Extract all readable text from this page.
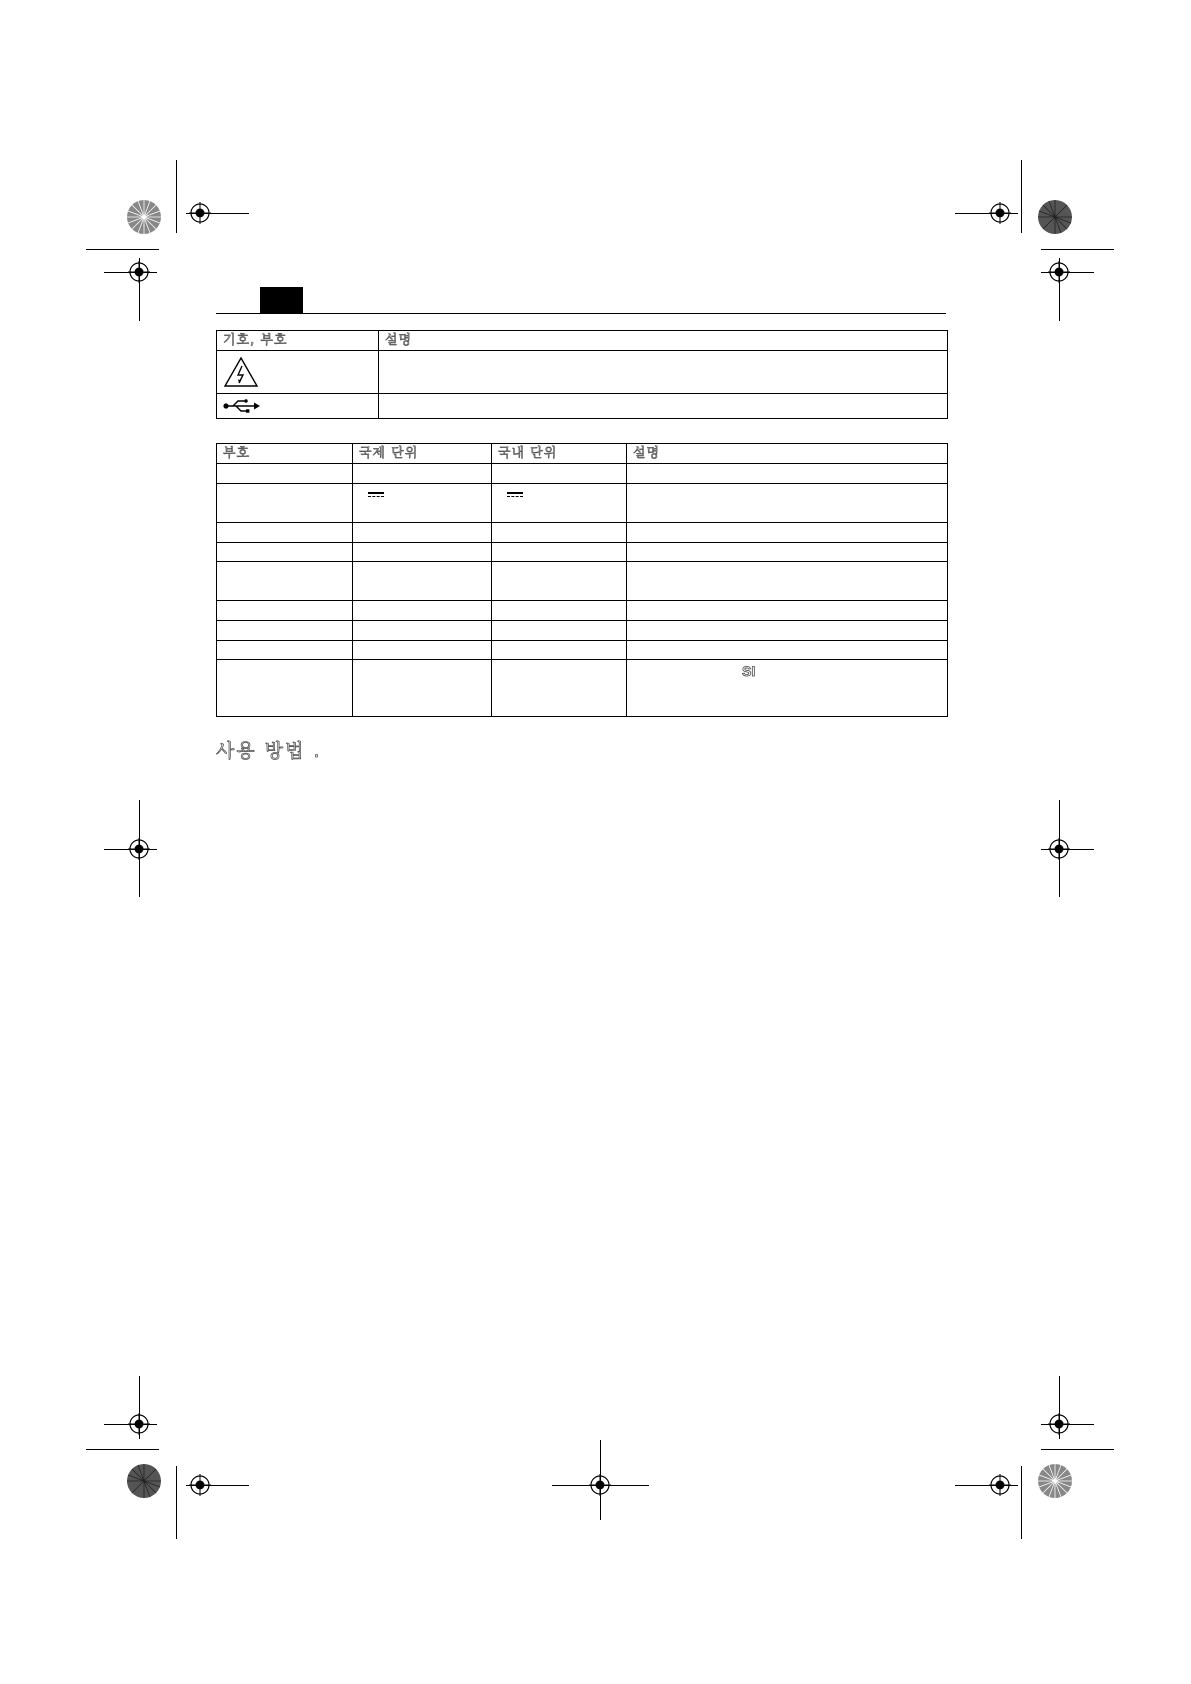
기호, 부호	설명

부호	국제 단위	국내 단위	설명

			SI
사용 방법 .
